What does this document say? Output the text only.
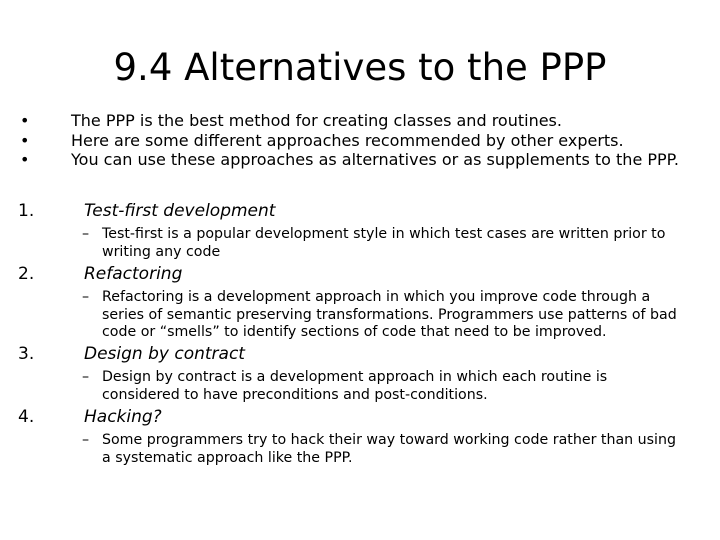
9.4 Alternatives to the PPP
•	The PPP is the best method for creating classes and routines.
•	Here are some different approaches recommended by other experts.
•	You can use these approaches as alternatives or as supplements to the PPP.
1.	Test-first development
– Test-first is a popular development style in which test cases are written prior to writing any code
2.	Refactoring
– Refactoring is a development approach in which you improve code through a series of semantic preserving transformations. Programmers use patterns of bad code or “smells” to identify sections of code that need to be improved.
3.	Design by contract
– Design by contract is a development approach in which each routine is considered to have preconditions and post-conditions.
4.	Hacking?
– Some programmers try to hack their way toward working code rather than using a systematic approach like the PPP.
